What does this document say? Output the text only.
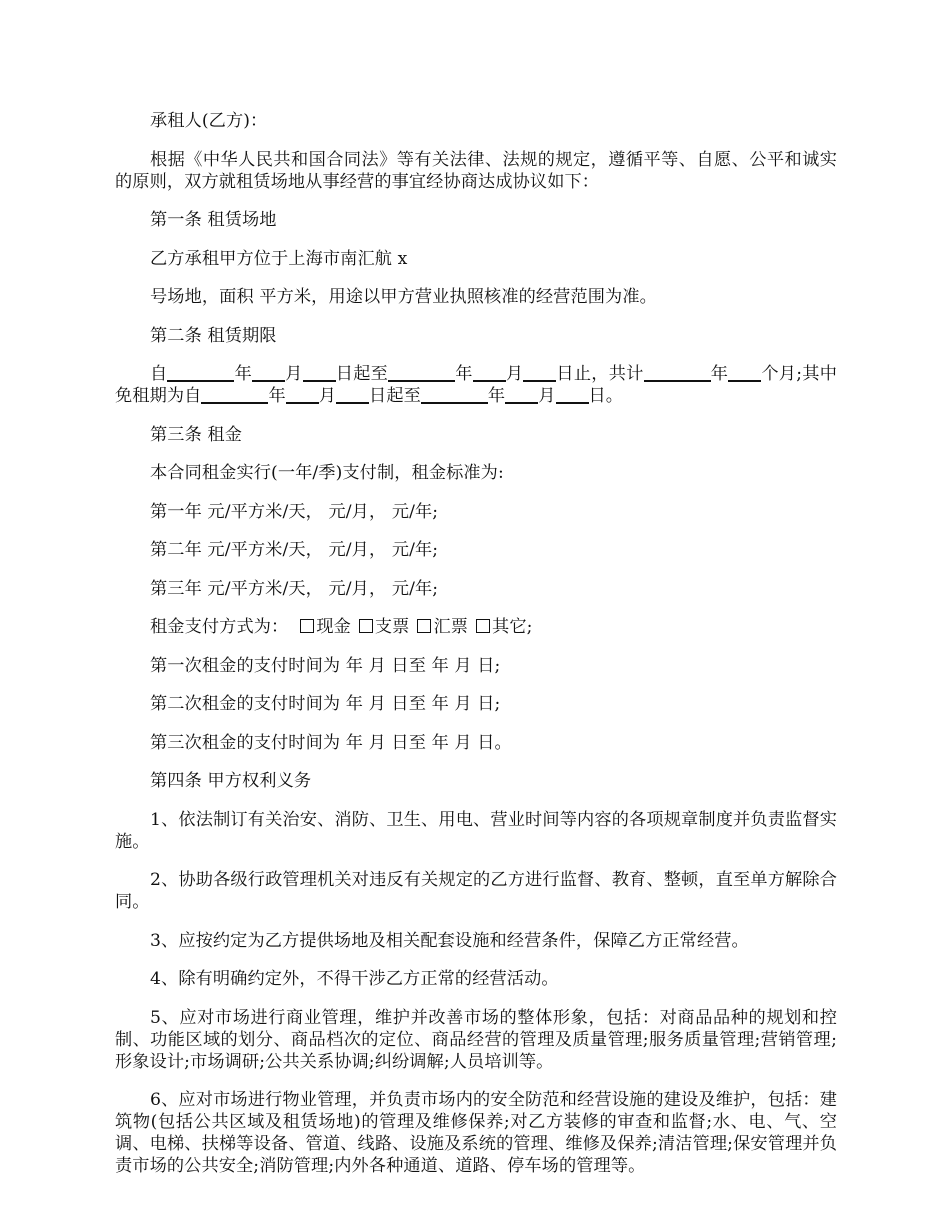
承租人(乙方)：

根据《中华人民共和国合同法》等有关法律、法规的规定，遵循平等、自愿、公平和诚实的原则，双方就租赁场地从事经营的事宜经协商达成协议如下：

第一条 租赁场地

乙方承租甲方位于上海市南汇航 x

号场地，面积 平方米，用途以甲方营业执照核准的经营范围为准。

第二条 租赁期限

自	年 月 日起至	年 月 日止，共计	年 个月;其中免租期为自	年 月 日起至	年 月 日。

第三条 租金

本合同租金实行(一年/季)支付制，租金标准为:

第一年 元/平方米/天， 元/月， 元/年;

第二年 元/平方米/天， 元/月， 元/年;

第三年 元/平方米/天， 元/月， 元/年;

租金支付方式为： 现金 支票 汇票 其它;

第一次租金的支付时间为 年 月 日至 年 月 日;

第二次租金的支付时间为 年 月 日至 年 月 日;

第三次租金的支付时间为 年 月 日至 年 月 日。

第四条 甲方权利义务

1、依法制订有关治安、消防、卫生、用电、营业时间等内容的各项规章制度并负责监督实施。

2、协助各级行政管理机关对违反有关规定的乙方进行监督、教育、整顿，直至单方解除合同。

3、应按约定为乙方提供场地及相关配套设施和经营条件，保障乙方正常经营。

4、除有明确约定外，不得干涉乙方正常的经营活动。

5、应对市场进行商业管理，维护并改善市场的整体形象，包括：对商品品种的规划和控制、功能区域的划分、商品档次的定位、商品经营的管理及质量管理;服务质量管理;营销管理;形象设计;市场调研;公共关系协调;纠纷调解;人员培训等。

6、应对市场进行物业管理，并负责市场内的安全防范和经营设施的建设及维护，包括：建筑物(包括公共区域及租赁场地)的管理及维修保养;对乙方装修的审查和监督;水、电、气、空调、电梯、扶梯等设备、管道、线路、设施及系统的管理、维修及保养;清洁管理;保安管理并负责市场的公共安全;消防管理;内外各种通道、道路、停车场的管理等。
